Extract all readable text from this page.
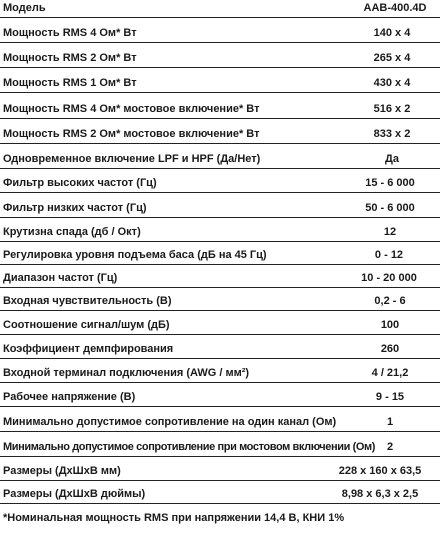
Модель	AAB-400.4D
Мощность RMS 4 Ом* Вт	140 x 4
Мощность RMS 2 Ом* Вт	265 x 4
Мощность RMS 1 Ом* Вт	430 x 4
Мощность RMS 4 Ом* мостовое включение* Вт	516 x 2
Мощность RMS 2 Ом* мостовое включение* Вт	833 x 2
Одновременное включение LPF и HPF (Да/Нет)	Да
Фильтр высоких частот (Гц)	15 - 6 000
Фильтр низких частот (Гц)	50 - 6 000
Крутизна спада (дб / Окт)	12
Регулировка уровня подъема баса (дБ на 45 Гц)	0 - 12
Диапазон частот (Гц)	10 - 20 000
Входная чувствительность (В)	0,2 - 6
Соотношение сигнал/шум (дБ)	100
Коэффициент демпфирования	260
Входной терминал подключения (AWG / мм²)	4 / 21,2
Рабочее напряжение (В)	9 - 15
Минимально допустимое сопротивление на один канал (Ом)	1
Минимально допустимое сопротивление при мостовом включении (Ом)	2
Размеры (ДхШхВ мм)	228 x 160 x 63,5
Размеры (ДхШхВ дюймы)	8,98 x 6,3 x 2,5
*Номинальная мощность RMS при напряжении 14,4 В, КНИ 1%
